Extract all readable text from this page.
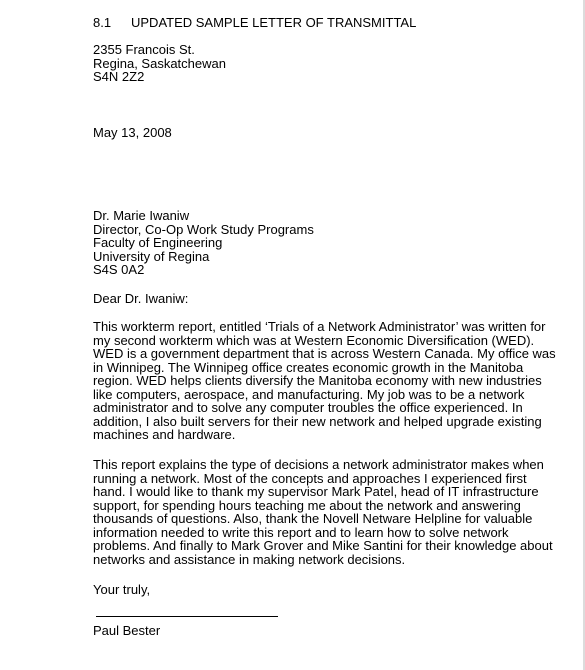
8.1 UPDATED SAMPLE LETTER OF TRANSMITTAL
2355 Francois St.
Regina, Saskatchewan
S4N 2Z2
May 13, 2008
Dr. Marie Iwaniw
Director, Co-Op Work Study Programs
Faculty of Engineering
University of Regina
S4S 0A2
Dear Dr. Iwaniw:
This workterm report, entitled ‘Trials of a Network Administrator’ was written for
my second workterm which was at Western Economic Diversification (WED).
WED is a government department that is across Western Canada. My office was
in Winnipeg. The Winnipeg office creates economic growth in the Manitoba
region. WED helps clients diversify the Manitoba economy with new industries
like computers, aerospace, and manufacturing. My job was to be a network
administrator and to solve any computer troubles the office experienced. In
addition, I also built servers for their new network and helped upgrade existing
machines and hardware.
This report explains the type of decisions a network administrator makes when
running a network. Most of the concepts and approaches I experienced first
hand. I would like to thank my supervisor Mark Patel, head of IT infrastructure
support, for spending hours teaching me about the network and answering
thousands of questions. Also, thank the Novell Netware Helpline for valuable
information needed to write this report and to learn how to solve network
problems. And finally to Mark Grover and Mike Santini for their knowledge about
networks and assistance in making network decisions.
Your truly,
Paul Bester
